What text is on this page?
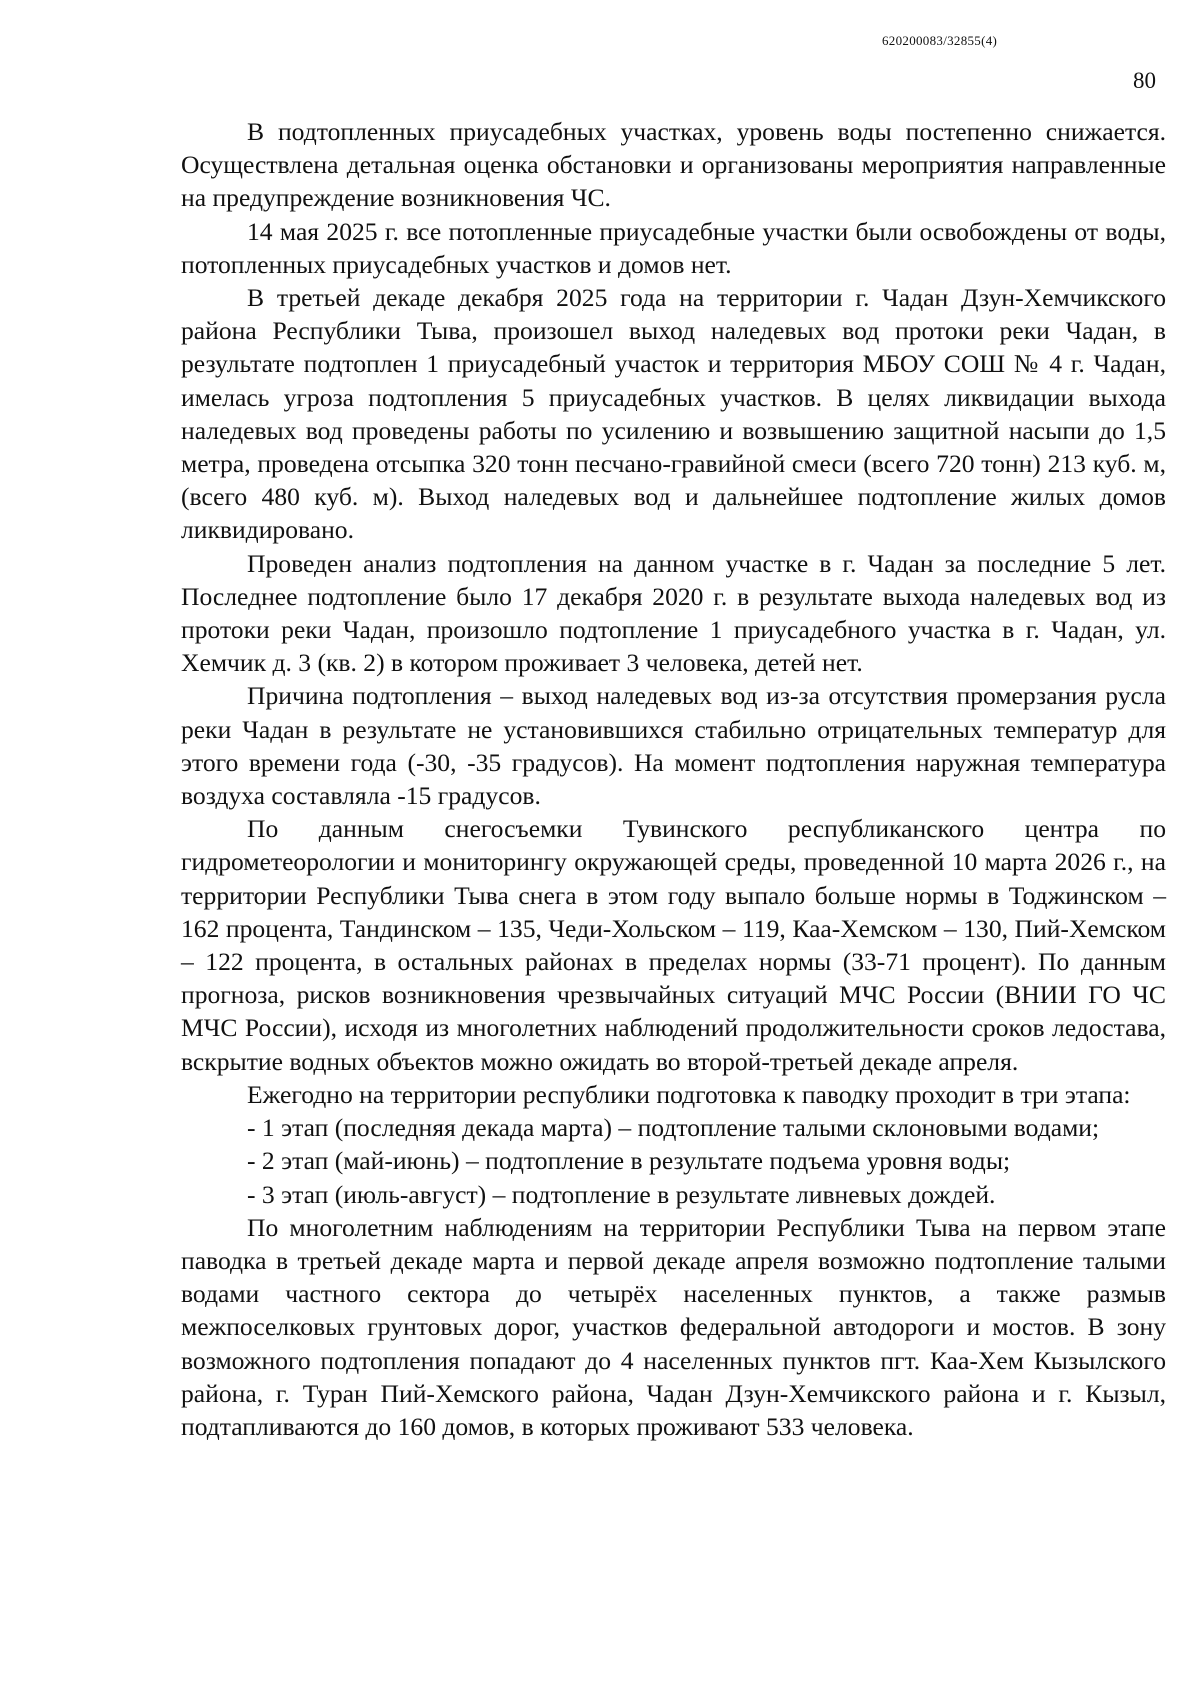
620200083/32855(4)
80

В подтопленных приусадебных участках, уровень воды постепенно снижается. Осуществлена детальная оценка обстановки и организованы мероприятия направленные на предупреждение возникновения ЧС.

14 мая 2025 г. все потопленные приусадебные участки были освобождены от воды, потопленных приусадебных участков и домов нет.

В третьей декаде декабря 2025 года на территории г. Чадан Дзун-Хемчикского района Республики Тыва, произошел выход наледевых вод протоки реки Чадан, в результате подтоплен 1 приусадебный участок и территория МБОУ СОШ № 4 г. Чадан, имелась угроза подтопления 5 приусадебных участков. В целях ликвидации выхода наледевых вод проведены работы по усилению и возвышению защитной насыпи до 1,5 метра, проведена отсыпка 320 тонн песчано-гравийной смеси (всего 720 тонн) 213 куб. м, (всего 480 куб. м). Выход наледевых вод и дальнейшее подтопление жилых домов ликвидировано.

Проведен анализ подтопления на данном участке в г. Чадан за последние 5 лет. Последнее подтопление было 17 декабря 2020 г. в результате выхода наледевых вод из протоки реки Чадан, произошло подтопление 1 приусадебного участка в г. Чадан, ул. Хемчик д. 3 (кв. 2) в котором проживает 3 человека, детей нет.

Причина подтопления – выход наледевых вод из-за отсутствия промерзания русла реки Чадан в результате не установившихся стабильно отрицательных температур для этого времени года (-30, -35 градусов). На момент подтопления наружная температура воздуха составляла -15 градусов.

По данным снегосъемки Тувинского республиканского центра по гидрометеорологии и мониторингу окружающей среды, проведенной 10 марта 2026 г., на территории Республики Тыва снега в этом году выпало больше нормы в Тоджинском – 162 процента, Тандинском – 135, Чеди-Хольском – 119, Каа-Хемском – 130, Пий-Хемском – 122 процента, в остальных районах в пределах нормы (33-71 процент). По данным прогноза, рисков возникновения чрезвычайных ситуаций МЧС России (ВНИИ ГО ЧС МЧС России), исходя из многолетних наблюдений продолжительности сроков ледостава, вскрытие водных объектов можно ожидать во второй-третьей декаде апреля.

Ежегодно на территории республики подготовка к паводку проходит в три этапа:

- 1 этап (последняя декада марта) – подтопление талыми склоновыми водами;

- 2 этап (май-июнь) – подтопление в результате подъема уровня воды;

- 3 этап (июль-август) – подтопление в результате ливневых дождей.

По многолетним наблюдениям на территории Республики Тыва на первом этапе паводка в третьей декаде марта и первой декаде апреля возможно подтопление талыми водами частного сектора до четырёх населенных пунктов, а также размыв межпоселковых грунтовых дорог, участков федеральной автодороги и мостов. В зону возможного подтопления попадают до 4 населенных пунктов пгт. Каа-Хем Кызылского района, г. Туран Пий-Хемского района, Чадан Дзун-Хемчикского района и г. Кызыл, подтапливаются до 160 домов, в которых проживают 533 человека.
